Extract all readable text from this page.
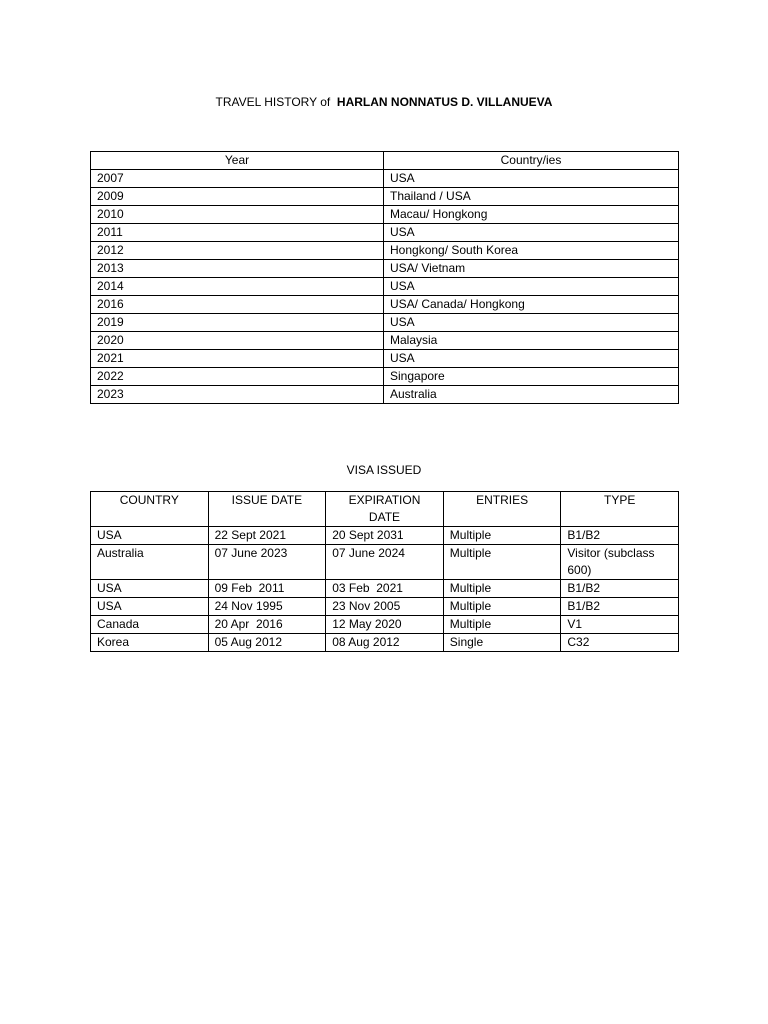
TRAVEL HISTORY of HARLAN NONNATUS D. VILLANUEVA
Year	Country/ies
2007	USA
2009	Thailand / USA
2010	Macau/ Hongkong
2011	USA
2012	Hongkong/ South Korea
2013	USA/ Vietnam
2014	USA
2016	USA/ Canada/ Hongkong
2019	USA
2020	Malaysia
2021	USA
2022	Singapore
2023	Australia
VISA ISSUED
COUNTRY	ISSUE DATE	EXPIRATION DATE	ENTRIES	TYPE
USA	22 Sept 2021	20 Sept 2031	Multiple	B1/B2
Australia	07 June 2023	07 June 2024	Multiple	Visitor (subclass 600)
USA	09 Feb  2011	03 Feb  2021	Multiple	B1/B2
USA	24 Nov 1995	23 Nov 2005	Multiple	B1/B2
Canada	20 Apr  2016	12 May 2020	Multiple	V1
Korea	05 Aug 2012	08 Aug 2012	Single	C32
